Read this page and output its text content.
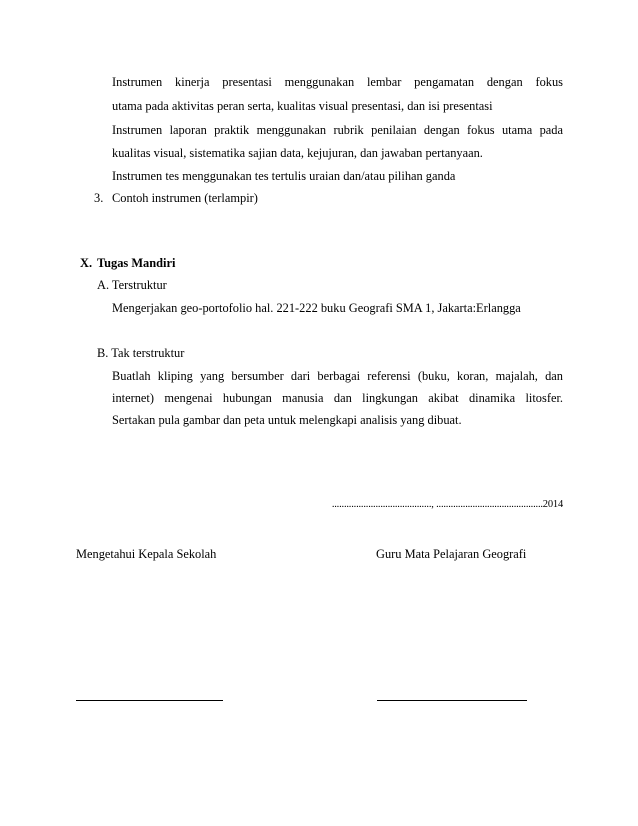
Instrumen kinerja presentasi menggunakan lembar pengamatan dengan fokus
utama pada aktivitas peran serta, kualitas visual presentasi, dan isi presentasi
Instrumen laporan praktik menggunakan rubrik penilaian dengan fokus utama pada
kualitas visual, sistematika sajian data, kejujuran, dan jawaban pertanyaan.
Instrumen tes menggunakan tes tertulis uraian dan/atau pilihan ganda
3. Contoh instrumen (terlampir)
X. Tugas Mandiri
A. Terstruktur
Mengerjakan geo-portofolio hal. 221-222 buku Geografi SMA 1, Jakarta:Erlangga
B. Tak terstruktur
Buatlah kliping yang bersumber dari berbagai referensi (buku, koran, majalah, dan
internet) mengenai hubungan manusia dan lingkungan akibat dinamika litosfer.
Sertakan pula gambar dan peta untuk melengkapi analisis yang dibuat.
........................................., ............................................2014
Mengetahui Kepala Sekolah	Guru Mata Pelajaran Geografi
